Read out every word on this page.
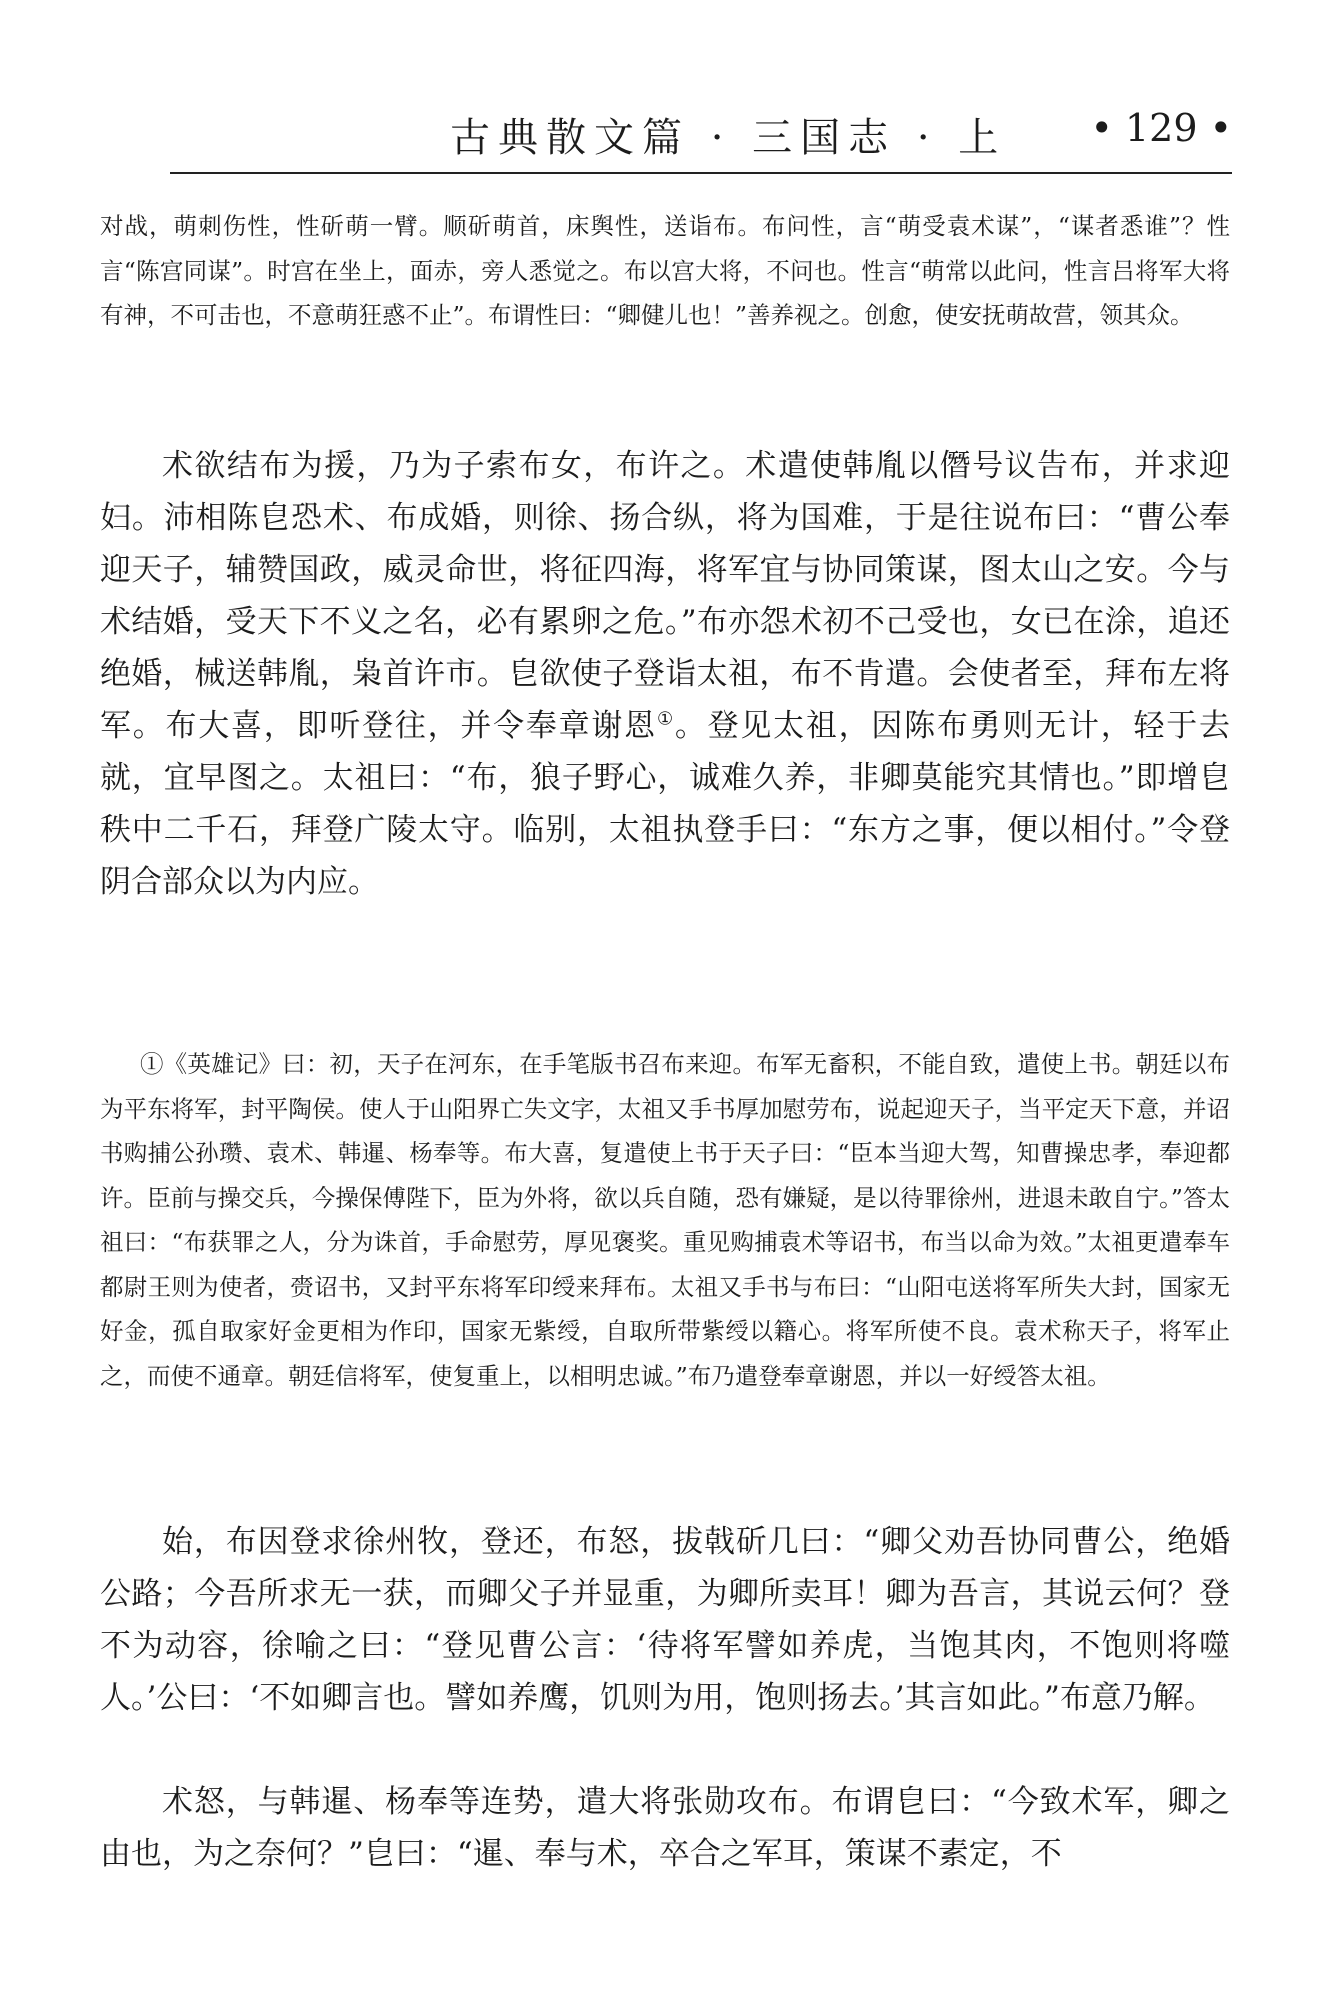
古典散文篇 · 三国志 · 上 • 129 •

对战，萌刺伤性，性斫萌一臂。顺斫萌首，床舆性，送诣布。布问性，言“萌受袁术谋”，“谋者悉谁”？性言“陈宫同谋”。时宫在坐上，面赤，旁人悉觉之。布以宫大将，不问也。性言“萌常以此问，性言吕将军大将有神，不可击也，不意萌狂惑不止”。布谓性曰：“卿健儿也！”善养视之。创愈，使安抚萌故营，领其众。

术欲结布为援，乃为子索布女，布许之。术遣使韩胤以僭号议告布，并求迎妇。沛相陈皀恐术、布成婚，则徐、扬合纵，将为国难，于是往说布曰：“曹公奉迎天子，辅赞国政，威灵命世，将征四海，将军宜与协同策谋，图太山之安。今与术结婚，受天下不义之名，必有累卵之危。”布亦怨术初不己受也，女已在涂，追还绝婚，械送韩胤，枭首许市。皀欲使子登诣太祖，布不肯遣。会使者至，拜布左将军。布大喜，即听登往，并令奉章谢恩①。登见太祖，因陈布勇则无计，轻于去就，宜早图之。太祖曰：“布，狼子野心，诚难久养，非卿莫能究其情也。”即增皀秩中二千石，拜登广陵太守。临别，太祖执登手曰：“东方之事，便以相付。”令登阴合部众以为内应。

①《英雄记》曰：初，天子在河东，在手笔版书召布来迎。布军无畜积，不能自致，遣使上书。朝廷以布为平东将军，封平陶侯。使人于山阳界亡失文字，太祖又手书厚加慰劳布，说起迎天子，当平定天下意，并诏书购捕公孙瓒、袁术、韩暹、杨奉等。布大喜，复遣使上书于天子曰：“臣本当迎大驾，知曹操忠孝，奉迎都许。臣前与操交兵，今操保傅陛下，臣为外将，欲以兵自随，恐有嫌疑，是以待罪徐州，进退未敢自宁。”答太祖曰：“布获罪之人，分为诛首，手命慰劳，厚见褒奖。重见购捕袁术等诏书，布当以命为效。”太祖更遣奉车都尉王则为使者，赍诏书，又封平东将军印绶来拜布。太祖又手书与布曰：“山阳屯送将军所失大封，国家无好金，孤自取家好金更相为作印，国家无紫绶，自取所带紫绶以籍心。将军所使不良。袁术称天子，将军止之，而使不通章。朝廷信将军，使复重上，以相明忠诚。”布乃遣登奉章谢恩，并以一好绶答太祖。

始，布因登求徐州牧，登还，布怒，拔戟斫几曰：“卿父劝吾协同曹公，绝婚公路；今吾所求无一获，而卿父子并显重，为卿所卖耳！卿为吾言，其说云何？登不为动容，徐喻之曰：“登见曹公言：‘待将军譬如养虎，当饱其肉，不饱则将噬人。’公曰：‘不如卿言也。譬如养鹰，饥则为用，饱则扬去。’其言如此。”布意乃解。

术怒，与韩暹、杨奉等连势，遣大将张勋攻布。布谓皀曰：“今致术军，卿之由也，为之奈何？”皀曰：“暹、奉与术，卒合之军耳，策谋不素定，不
